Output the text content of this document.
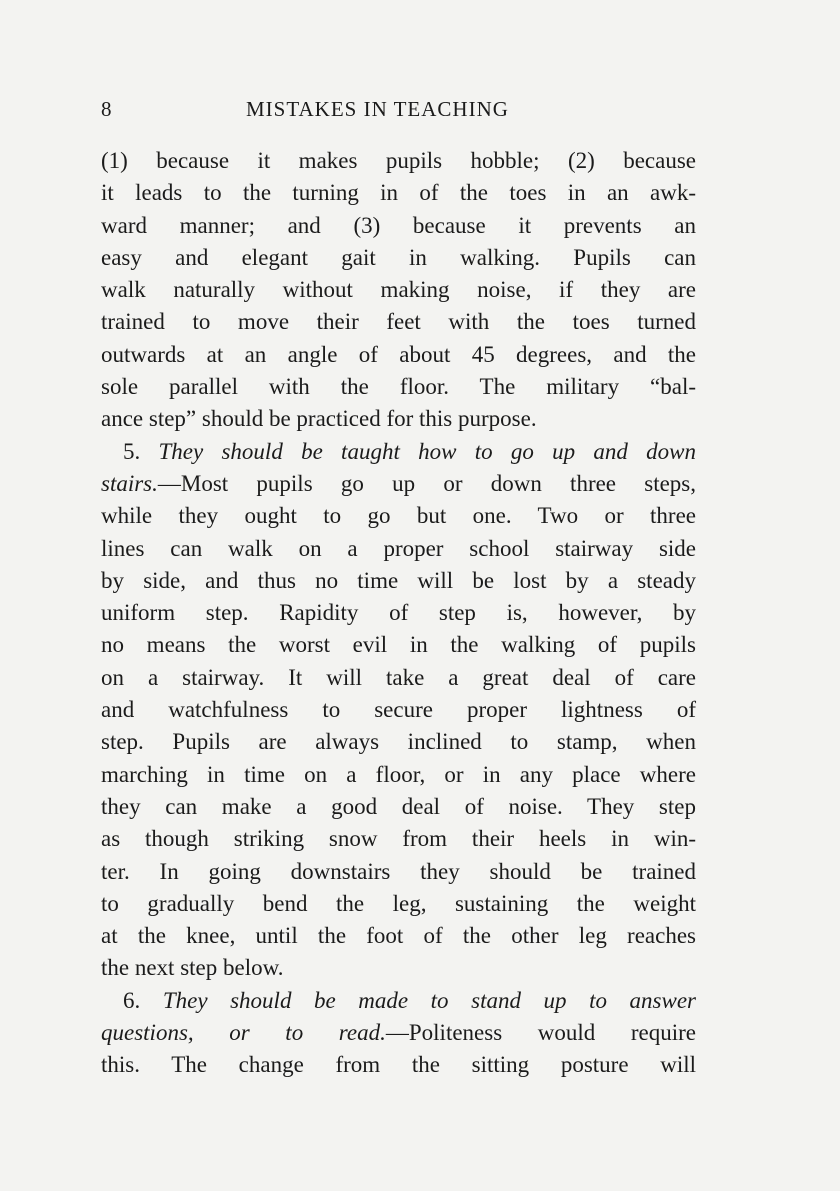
8	MISTAKES IN TEACHING
(1) because it makes pupils hobble; (2) because
it leads to the turning in of the toes in an awk-
ward manner; and (3) because it prevents an
easy and elegant gait in walking. Pupils can
walk naturally without making noise, if they are
trained to move their feet with the toes turned
outwards at an angle of about 45 degrees, and the
sole parallel with the floor. The military “bal-
ance step” should be practiced for this purpose.
5. They should be taught how to go up and down
stairs.—Most pupils go up or down three steps,
while they ought to go but one. Two or three
lines can walk on a proper school stairway side
by side, and thus no time will be lost by a steady
uniform step. Rapidity of step is, however, by
no means the worst evil in the walking of pupils
on a stairway. It will take a great deal of care
and watchfulness to secure proper lightness of
step. Pupils are always inclined to stamp, when
marching in time on a floor, or in any place where
they can make a good deal of noise. They step
as though striking snow from their heels in win-
ter. In going downstairs they should be trained
to gradually bend the leg, sustaining the weight
at the knee, until the foot of the other leg reaches
the next step below.
6. They should be made to stand up to answer
questions, or to read.—Politeness would require
this. The change from the sitting posture will
